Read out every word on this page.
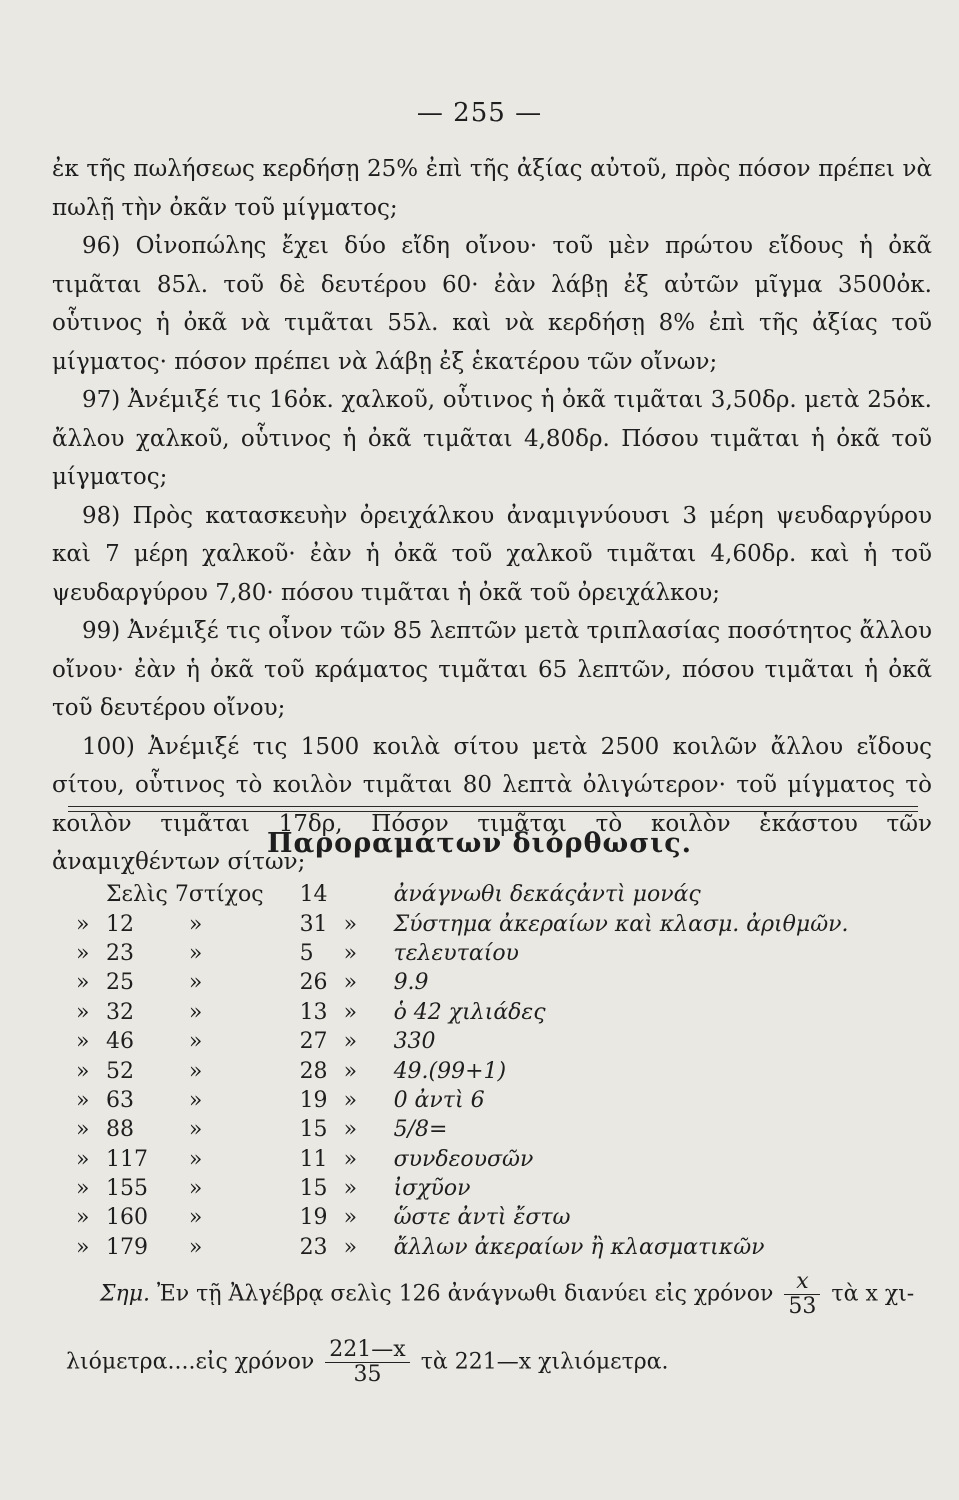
— 255 —

ἐκ τῆς πωλήσεως κερδήσῃ 25% ἐπὶ τῆς ἀξίας αὐτοῦ, πρὸς πόσον πρέπει νὰ πωλῇ τὴν ὀκᾶν τοῦ μίγματος;

96) Οἰνοπώλης ἔχει δύο εἴδη οἴνου· τοῦ μὲν πρώτου εἴδους ἡ ὀκᾶ τιμᾶται 85λ. τοῦ δὲ δευτέρου 60· ἐὰν λάβῃ ἐξ αὐτῶν μῖγμα 3500ὀκ. οὗτινος ἡ ὀκᾶ νὰ τιμᾶται 55λ. καὶ νὰ κερδήσῃ 8% ἐπὶ τῆς ἀξίας τοῦ μίγματος· πόσον πρέπει νὰ λάβῃ ἐξ ἑκατέρου τῶν οἴνων;

97) Ἀνέμιξέ τις 16ὀκ. χαλκοῦ, οὗτινος ἡ ὀκᾶ τιμᾶται 3,50δρ. μετὰ 25ὀκ. ἄλλου χαλκοῦ, οὗτινος ἡ ὀκᾶ τιμᾶται 4,80δρ. Πόσου τιμᾶται ἡ ὀκᾶ τοῦ μίγματος;

98) Πρὸς κατασκευὴν ὀρειχάλκου ἀναμιγνύουσι 3 μέρη ψευδαργύρου καὶ 7 μέρη χαλκοῦ· ἐὰν ἡ ὀκᾶ τοῦ χαλκοῦ τιμᾶται 4,60δρ. καὶ ἡ τοῦ ψευδαργύρου 7,80· πόσου τιμᾶται ἡ ὀκᾶ τοῦ ὀρειχάλκου;

99) Ἀνέμιξέ τις οἶνον τῶν 85 λεπτῶν μετὰ τριπλασίας ποσότητος ἄλλου οἴνου· ἐὰν ἡ ὀκᾶ τοῦ κράματος τιμᾶται 65 λεπτῶν, πόσου τιμᾶται ἡ ὀκᾶ τοῦ δευτέρου οἴνου;

100) Ἀνέμιξέ τις 1500 κοιλὰ σίτου μετὰ 2500 κοιλῶν ἄλλου εἴδους σίτου, οὗτινος τὸ κοιλὸν τιμᾶται 80 λεπτὰ ὀλιγώτερον· τοῦ μίγματος τὸ κοιλὸν τιμᾶται 17δρ, Πόσον τιμᾶται τὸ κοιλὸν ἑκάστου τῶν ἀναμιχθέντων σίτων;

Παροραμάτων διόρθωσις.
	Σελὶς 7	στίχος		14		ἀνάγνωθι δεκάςἀντὶ μονάς
»	12	»		31	»	Σύστημα ἀκεραίων καὶ κλασμ. ἀριθμῶν.
»	23	»		5	»	τελευταίου
»	25	»		26	»	9.9
»	32	»		13	»	ὁ 42 χιλιάδες
»	46	»		27	»	330
»	52	»		28	»	49.(99+1)
»	63	»		19	»	0 ἀντὶ 6
»	88	»		15	»	5/8=
»	117	»		11	»	συνδεουσῶν
»	155	»		15	»	ἰσχῦον
»	160	»		19	»	ὥστε ἀντὶ ἔστω
»	179	»		23	»	ἄλλων ἀκεραίων ἢ κλασματικῶν
Σημ. Ἐν τῇ Ἀλγέβρᾳ σελὶς 126 ἀνάγνωθι διανύει εἰς χρόνον $\frac{x}{53}$ τὰ x χι-
λιόμετρα....εἰς χρόνον $\frac{221—x}{35}$ τὰ 221—x χιλιόμετρα.
